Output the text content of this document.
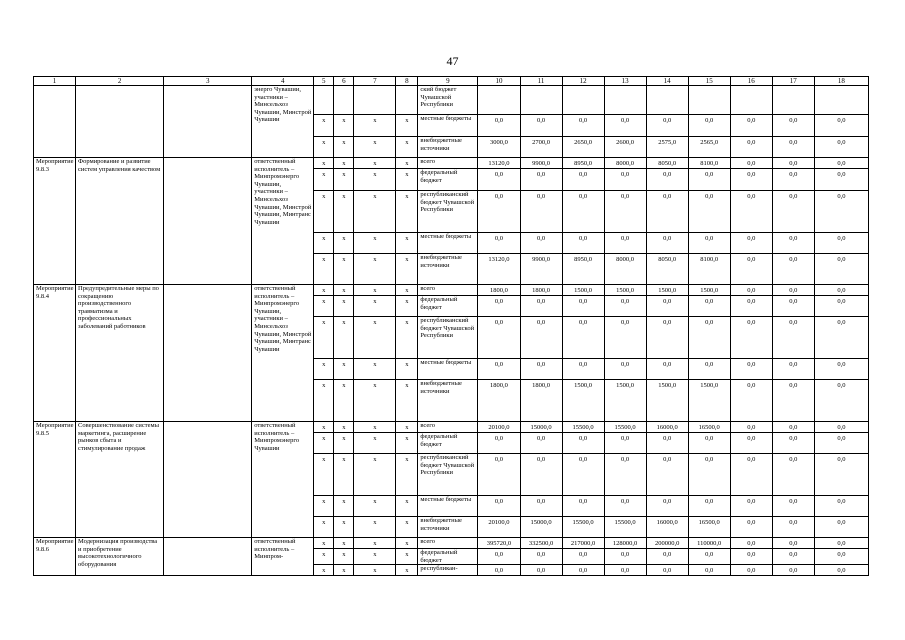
47
1	2	3	4	5	6	7	8	9	10	11	12	13	14	15	16	17	18
			энерго Чувашии, участники – Минсельхоз Чувашии, Минстрой Чувашии					ский бюджет Чувашской Республики									
				x	x	x	x	местные бюджеты	0,0	0,0	0,0	0,0	0,0	0,0	0,0	0,0	0,0
				x	x	x	x	внебюджетные источники	3000,0	2700,0	2650,0	2600,0	2575,0	2565,0	0,0	0,0	0,0
Мероприятие 9.8.3	Формирование и развитие систем управления качеством		ответственный исполнитель – Минпромэнерго Чувашии, участники – Минсельхоз Чувашии, Минстрой Чувашии, Минтранс Чувашии	x	x	x	x	всего	13120,0	9900,0	8950,0	8000,0	8050,0	8100,0	0,0	0,0	0,0
				x	x	x	x	федеральный бюджет	0,0	0,0	0,0	0,0	0,0	0,0	0,0	0,0	0,0
				x	x	x	x	республиканский бюджет Чувашской Республики	0,0	0,0	0,0	0,0	0,0	0,0	0,0	0,0	0,0
				x	x	x	x	местные бюджеты	0,0	0,0	0,0	0,0	0,0	0,0	0,0	0,0	0,0
				x	x	x	x	внебюджетные источники	13120,0	9900,0	8950,0	8000,0	8050,0	8100,0	0,0	0,0	0,0
Мероприятие 9.8.4	Предупредительные меры по сокращению производственного травматизма и профессиональных заболеваний работников		ответственный исполнитель – Минпромэнерго Чувашии, участники – Минсельхоз Чувашии, Минстрой Чувашии, Минтранс Чувашии	x	x	x	x	всего	1800,0	1800,0	1500,0	1500,0	1500,0	1500,0	0,0	0,0	0,0
				x	x	x	x	федеральный бюджет	0,0	0,0	0,0	0,0	0,0	0,0	0,0	0,0	0,0
				x	x	x	x	республиканский бюджет Чувашской Республики	0,0	0,0	0,0	0,0	0,0	0,0	0,0	0,0	0,0
				x	x	x	x	местные бюджеты	0,0	0,0	0,0	0,0	0,0	0,0	0,0	0,0	0,0
				x	x	x	x	внебюджетные источники	1800,0	1800,0	1500,0	1500,0	1500,0	1500,0	0,0	0,0	0,0
Мероприятие 9.8.5	Совершенствование системы маркетинга, расширение рынков сбыта и стимулирование продаж		ответственный исполнитель – Минпромэнерго Чувашии	x	x	x	x	всего	20100,0	15000,0	15500,0	15500,0	16000,0	16500,0	0,0	0,0	0,0
				x	x	x	x	федеральный бюджет	0,0	0,0	0,0	0,0	0,0	0,0	0,0	0,0	0,0
				x	x	x	x	республиканский бюджет Чувашской Республики	0,0	0,0	0,0	0,0	0,0	0,0	0,0	0,0	0,0
				x	x	x	x	местные бюджеты	0,0	0,0	0,0	0,0	0,0	0,0	0,0	0,0	0,0
				x	x	x	x	внебюджетные источники	20100,0	15000,0	15500,0	15500,0	16000,0	16500,0	0,0	0,0	0,0
Мероприятие 9.8.6	Модернизация производства и приобретение высокотехнологичного оборудования		ответственный исполнитель – Минпром-	x	x	x	x	всего	395720,0	332500,0	217000,0	128000,0	200000,0	110000,0	0,0	0,0	0,0
				x	x	x	x	федеральный бюджет	0,0	0,0	0,0	0,0	0,0	0,0	0,0	0,0	0,0
				x	x	x	x	республикан-	0,0	0,0	0,0	0,0	0,0	0,0	0,0	0,0	0,0
